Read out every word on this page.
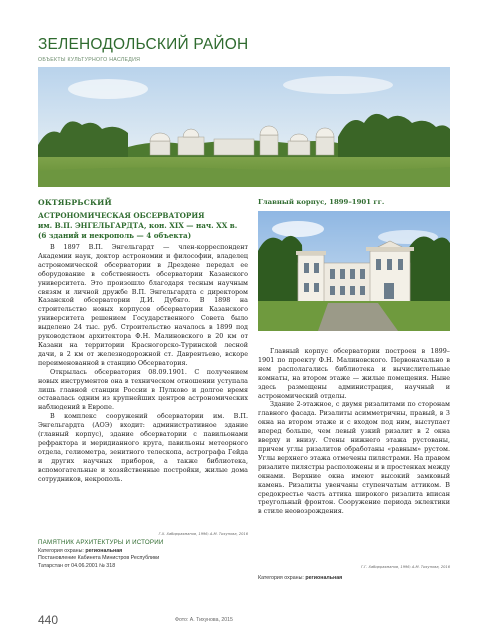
ЗЕЛЕНОДОЛЬСКИЙ РАЙОН
ОБЪЕКТЫ КУЛЬТУРНОГО НАСЛЕДИЯ
ОКТЯБРЬСКИЙ
АСТРОНОМИЧЕСКАЯ ОБСЕРВАТОРИЯ
им. В.П. ЭНГЕЛЬГАРДТА, кон. XIX — нач. XX в.
(6 зданий и некрополь — 4 объекта)
Главный корпус, 1899–1901 гг.

В 1897 В.П. Энгельгардт — член-корреспондент Академии наук, доктор астрономии и философии, владелец астрономической обсерватории в Дрездене передал ее оборудование в собственность обсерватории Казанского университета. Это произошло благодаря тесным научным связям и личной дружбе В.П. Энгельгардта с директором Казанской обсерватории Д.И. Дубяго. В 1898 на строительство новых корпусов обсерватории Казанского университета решением Государственного Совета было выделено 24 тыс. руб. Строительство началось в 1899 под руководством архитектора Ф.Н. Малиновского в 20 км от Казани на территории Красногорско-Туринской лесной дачи, в 2 км от железнодорожной ст. Даврентьево, вскоре переименованной в станцию Обсерватория.

Открылась обсерватория 08.09.1901. С получением новых инструментов она в техническом отношении уступала лишь главной станции России в Пулково и долгое время оставалась одним из крупнейших центров астрономических наблюдений в Европе.

В комплекс сооружений обсерватории им. В.П. Энгельгардта (АОЭ) входит: административное здание (главный корпус), здание обсерватории с павильонами рефрактора и меридианного круга, павильоны метеорного отдела, гелиометра, зенитного телескопа, астрографа Гейда и других научных приборов, а также библиотека, вспомогательные и хозяйственные постройки, жилые дома сотрудников, некрополь.

Г.Х. Хабиррахманов, 1996; А.М. Тихунова, 2016
ПАМЯТНИК АРХИТЕКТУРЫ И ИСТОРИИ
Категория охраны: региональная
Постановление Кабинета Министров Республики
Татарстан от 04.06.2001 № 318

Главный корпус обсерватории построен в 1899–1901 по проекту Ф.Н. Малиновского. Первоначально в нем располагались библиотека и вычислительные комнаты, на втором этаже — жилые помещения. Ныне здесь размещены администрация, научный и астрономический отделы.

Здание 2-этажное, с двумя ризалитами по сторонам главного фасада. Ризалиты асимметричны, правый, в 3 окна на втором этаже и с входом под ним, выступает вперед больше, чем левый узкий ризалит в 2 окна вверху и внизу. Стены нижнего этажа рустованы, причем углы ризалитов обработаны «равным» рустом. Углы верхнего этажа отмечены пилястрами. На правом ризалите пилястры расположены и в простенках между окнами. Верхние окна имеют высокий замковый камень. Ризалиты увенчаны ступенчатым аттиком. В средокрестье часть аттика широкого ризалита вписан треугольный фронтон. Сооружение периода эклектики в стиле неовозрождения.

Г.Г. Хабиррахманов, 1996; А.М. Тихунова, 2016
Категория охраны: региональная
440	Фото: А. Тихунова, 2015
